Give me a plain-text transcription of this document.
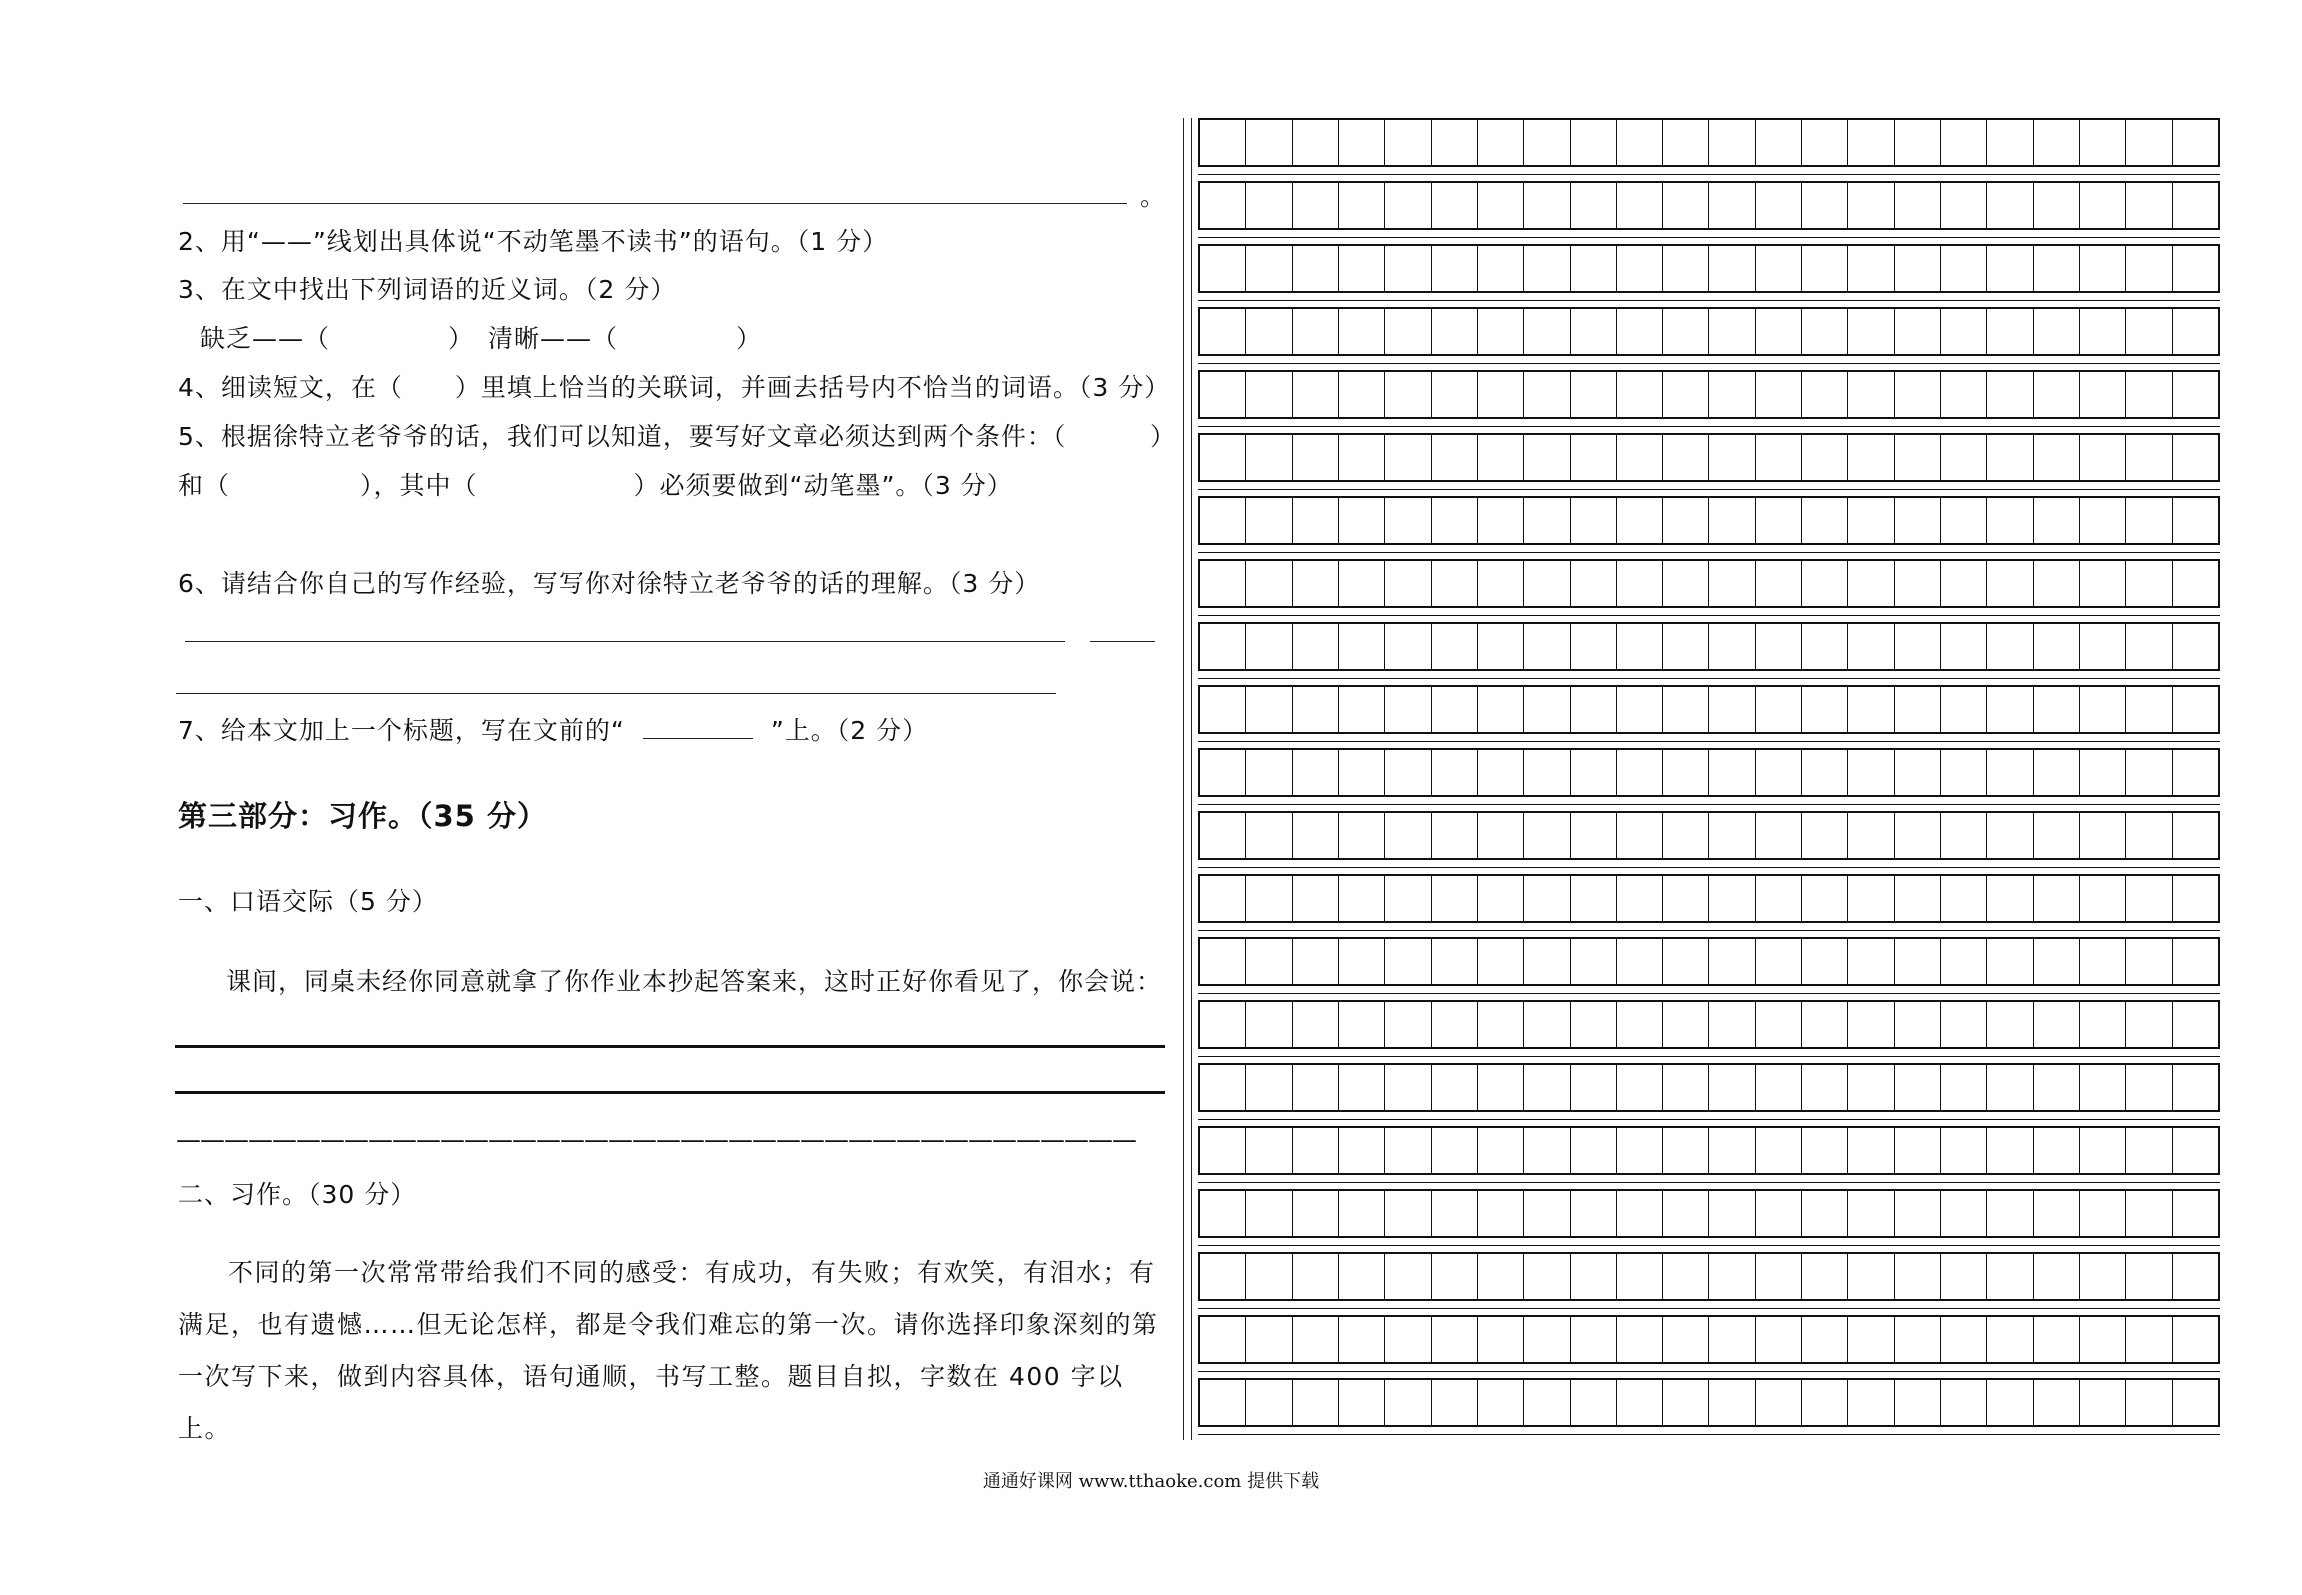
。
2、用“——”线划出具体说“不动笔墨不读书”的语句。（1 分）
3、在文中找出下列词语的近义词。（2 分）
缺乏——（	） 清晰——（	）
4、细读短文，在（　　）里填上恰当的关联词，并画去括号内不恰当的词语。（3 分）
5、根据徐特立老爷爷的话，我们可以知道，要写好文章必须达到两个条件：（	）
和（　　　　　），其中（　　　　　　）必须要做到“动笔墨”。（3 分）
6、请结合你自己的写作经验，写写你对徐特立老爷爷的话的理解。（3 分）
7、给本文加上一个标题，写在文前的“	”上。（2 分）
第三部分：习作。（35 分）
一、口语交际（5 分）
课间，同桌未经你同意就拿了你作业本抄起答案来，这时正好你看见了，你会说：
————————————————————————————————————————
二、习作。（30 分）
不同的第一次常常带给我们不同的感受：有成功，有失败；有欢笑，有泪水；有满足，也有遗憾……但无论怎样，都是令我们难忘的第一次。请你选择印象深刻的第一次写下来，做到内容具体，语句通顺，书写工整。题目自拟，字数在 400 字以上。
通通好课网 www.tthaoke.com 提供下载
